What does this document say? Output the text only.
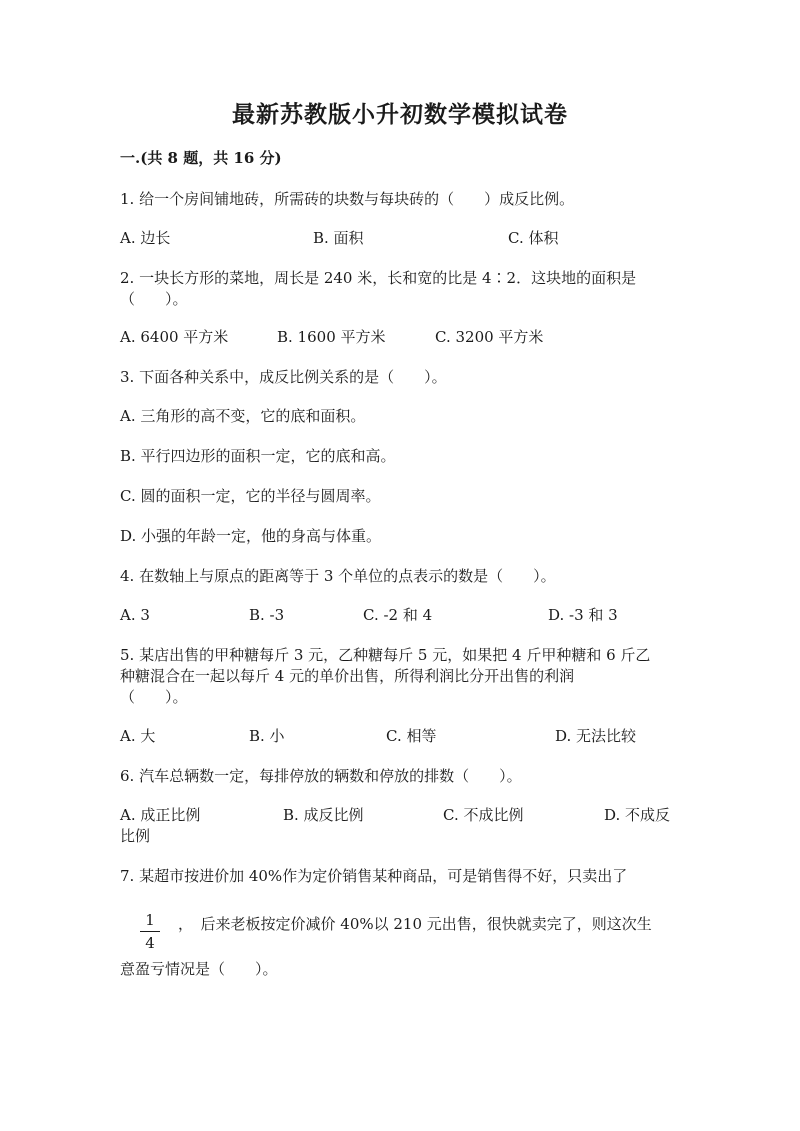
最新苏教版小升初数学模拟试卷
一.(共 8 题，共 16 分)
1. 给一个房间铺地砖，所需砖的块数与每块砖的（　　）成反比例。
A. 边长	B. 面积	C. 体积
2. 一块长方形的菜地，周长是 240 米，长和宽的比是 4∶2．这块地的面积是
（　　）。
A. 6400 平方米	B. 1600 平方米	C. 3200 平方米
3. 下面各种关系中，成反比例关系的是（　　）。
A. 三角形的高不变，它的底和面积。
B. 平行四边形的面积一定，它的底和高。
C. 圆的面积一定，它的半径与圆周率。
D. 小强的年龄一定，他的身高与体重。
4. 在数轴上与原点的距离等于 3 个单位的点表示的数是（　　）。
A. 3	B. -3	C. -2 和 4	D. -3 和 3
5. 某店出售的甲种糖每斤 3 元，乙种糖每斤 5 元，如果把 4 斤甲种糖和 6 斤乙
种糖混合在一起以每斤 4 元的单价出售，所得利润比分开出售的利润
（　　）。
A. 大	B. 小	C. 相等	D. 无法比较
6. 汽车总辆数一定，每排停放的辆数和停放的排数（　　）。
A. 成正比例	B. 成反比例	C. 不成比例	D. 不成反
比例
7. 某超市按进价加 40%作为定价销售某种商品，可是销售得不好，只卖出了
$\frac{1}{4}$ ，　后来老板按定价减价 40%以 210 元出售，很快就卖完了，则这次生
意盈亏情况是（　　）。
